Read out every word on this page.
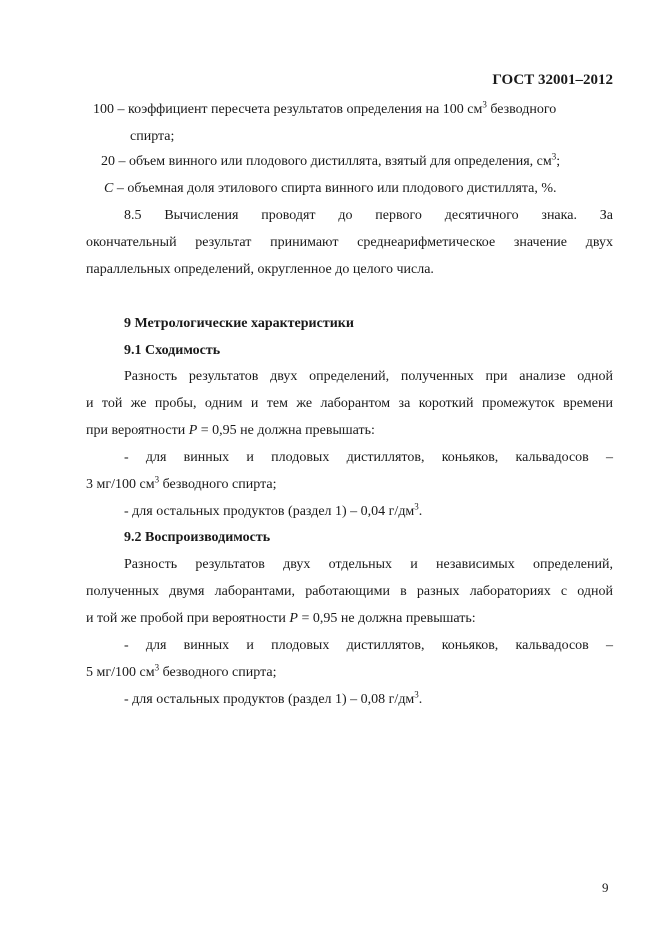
ГОСТ 32001–2012
100 – коэффициент пересчета результатов определения на 100 $см^3$ безводного
спирта;
20 – объем винного или плодового дистиллята, взятый для определения, $см^3$;
C – объемная доля этилового спирта винного или плодового дистиллята, %.
8.5 Вычисления проводят до первого десятичного знака. За
окончательный результат принимают среднеарифметическое значение двух
параллельных определений, округленное до целого числа.
9 Метрологические характеристики
9.1 Сходимость
Разность результатов двух определений, полученных при анализе одной
и той же пробы, одним и тем же лаборантом за короткий промежуток времени
при вероятности P = 0,95 не должна превышать:
- для винных и плодовых дистиллятов, коньяков, кальвадосов –
3 мг/100 $см^3$ безводного спирта;
- для остальных продуктов (раздел 1) – 0,04 $г/дм^3$.
9.2 Воспроизводимость
Разность результатов двух отдельных и независимых определений,
полученных двумя лаборантами, работающими в разных лабораториях с одной
и той же пробой при вероятности P = 0,95 не должна превышать:
- для винных и плодовых дистиллятов, коньяков, кальвадосов –
5 мг/100 $см^3$ безводного спирта;
- для остальных продуктов (раздел 1) – 0,08 $г/дм^3$.
9
